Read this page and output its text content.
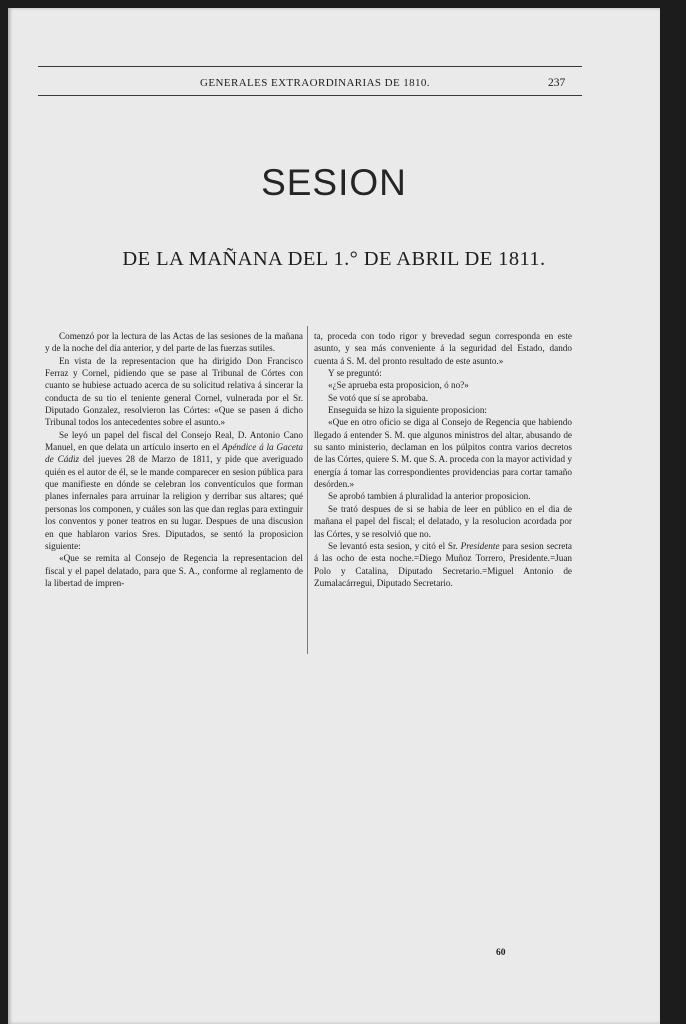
GENERALES EXTRAORDINARIAS DE 1810.	237
SESION
DE LA MAÑANA DEL 1.° DE ABRIL DE 1811.

Comenzó por la lectura de las Actas de las sesiones de la mañana y de la noche del dia anterior, y del parte de las fuerzas sutiles.

En vista de la representacion que ha dirigido Don Francisco Ferraz y Cornel, pidiendo que se pase al Tribunal de Córtes con cuanto se hubiese actuado acerca de su solicitud relativa á sincerar la conducta de su tio el teniente general Cornel, vulnerada por el Sr. Diputado Gonzalez, resolvieron las Córtes: «Que se pasen á dicho Tribunal todos los antecedentes sobre el asunto.»

Se leyó un papel del fiscal del Consejo Real, D. Antonio Cano Manuel, en que delata un artículo inserto en el Apéndice á la Gaceta de Cádiz del jueves 28 de Marzo de 1811, y pide que averiguado quién es el autor de él, se le mande comparecer en sesion pública para que manifieste en dónde se celebran los conventículos que forman planes infernales para arruinar la religion y derribar sus altares; qué personas los componen, y cuáles son las que dan reglas para extinguir los conventos y poner teatros en su lugar. Despues de una discusion en que hablaron varios Sres. Diputados, se sentó la proposicion siguiente:

«Que se remita al Consejo de Regencia la representacion del fiscal y el papel delatado, para que S. A., conforme al reglamento de la libertad de impren-

ta, proceda con todo rigor y brevedad segun corresponda en este asunto, y sea más conveniente á la seguridad del Estado, dando cuenta á S. M. del pronto resultado de este asunto.»

Y se preguntó:

«¿Se aprueba esta proposicion, ó no?»

Se votó que sí se aprobaba.

Enseguida se hizo la siguiente proposicion:

«Que en otro oficio se diga al Consejo de Regencia que habiendo llegado á entender S. M. que algunos ministros del altar, abusando de su santo ministerio, declaman en los púlpitos contra varios decretos de las Córtes, quiere S. M. que S. A. proceda con la mayor actividad y energía á tomar las correspondientes providencias para cortar tamaño desórden.»

Se aprobó tambien á pluralidad la anterior proposicion.

Se trató despues de si se habia de leer en público en el dia de mañana el papel del fiscal; el delatado, y la resolucion acordada por las Córtes, y se resolvió que no.

Se levantó esta sesion, y citó el Sr. Presidente para sesion secreta á las ocho de esta noche.=Diego Muñoz Torrero, Presidente.=Juan Polo y Catalina, Diputado Secretario.=Miguel Antonio de Zumalacárregui, Diputado Secretario.

60
